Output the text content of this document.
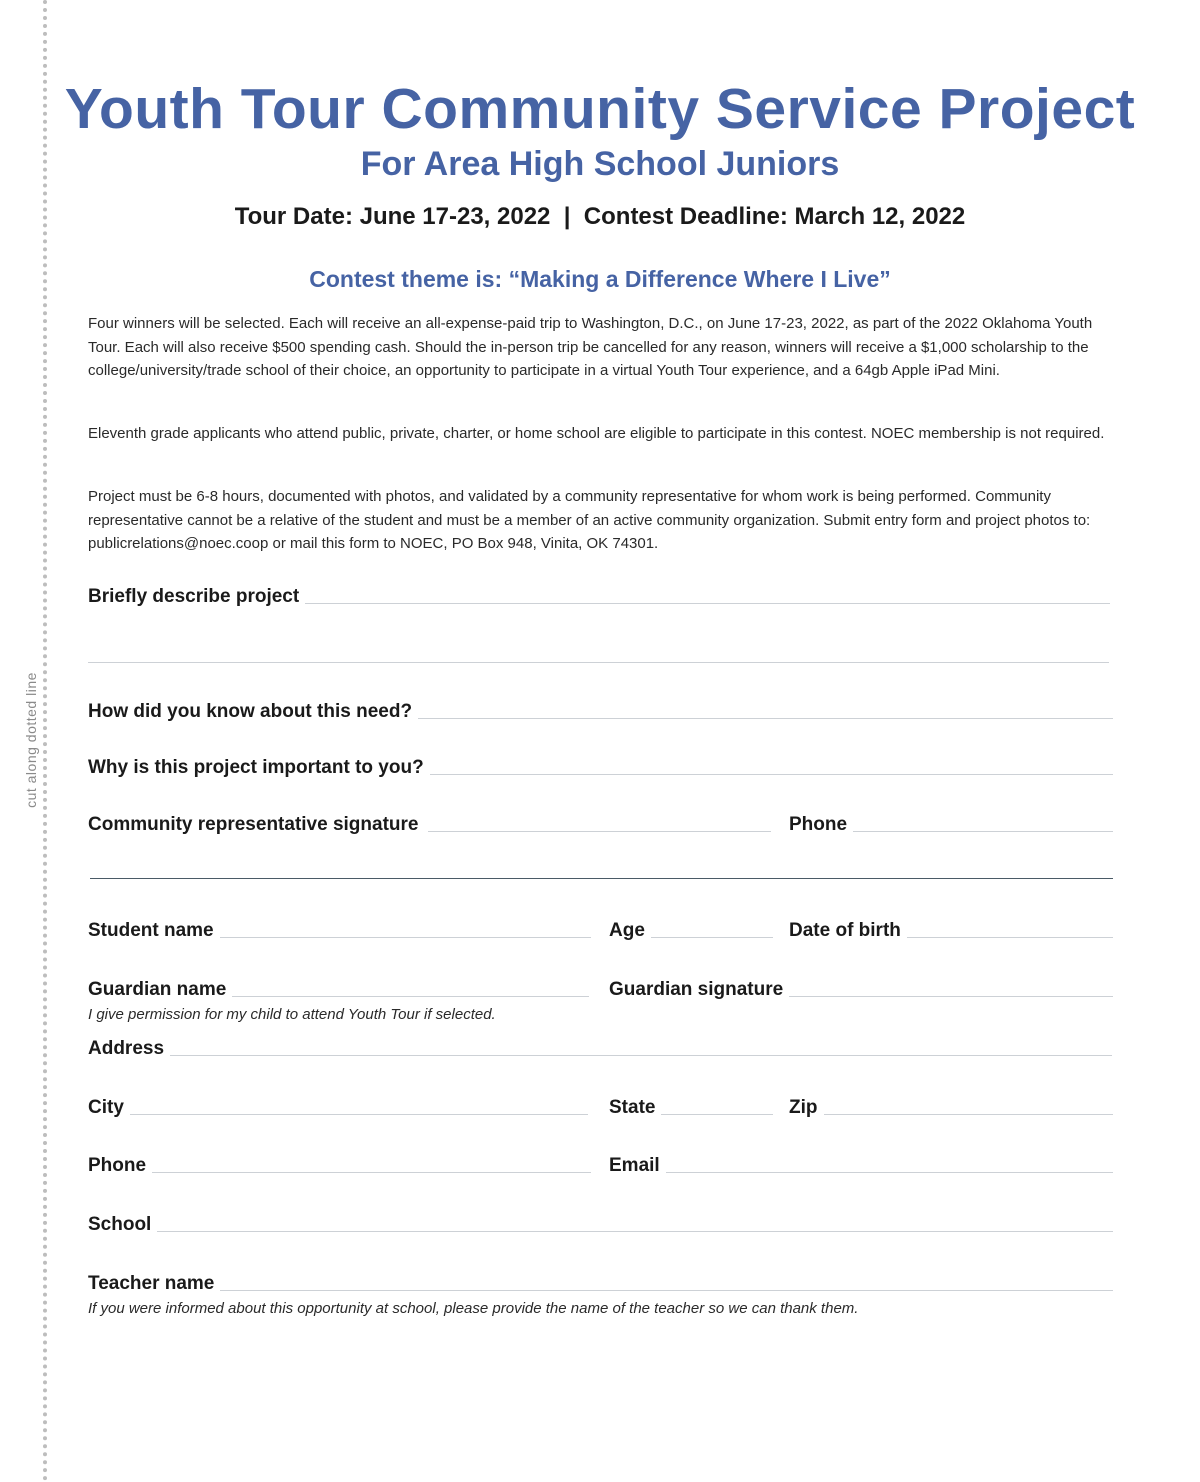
cut along dotted line
Youth Tour Community Service Project
For Area High School Juniors
Tour Date: June 17-23, 2022  |  Contest Deadline: March 12, 2022
Contest theme is: “Making a Difference Where I Live”
Four winners will be selected. Each will receive an all-expense-paid trip to Washington, D.C., on June 17-23, 2022, as part of the 2022 Oklahoma Youth Tour. Each will also receive $500 spending cash. Should the in-person trip be cancelled for any reason, winners will receive a $1,000 scholarship to the college/university/trade school of their choice, an opportunity to participate in a virtual Youth Tour experience, and a 64gb Apple iPad Mini.
Eleventh grade applicants who attend public, private, charter, or home school are eligible to participate in this contest. NOEC membership is not required.
Project must be 6-8 hours, documented with photos, and validated by a community representative for whom work is being performed. Community representative cannot be a relative of the student and must be a member of an active community organization. Submit entry form and project photos to: publicrelations@noec.coop or mail this form to NOEC, PO Box 948, Vinita, OK 74301.
Briefly describe project
How did you know about this need?
Why is this project important to you?
Community representative signature	Phone
Student name	Age	Date of birth
Guardian name	Guardian signature
I give permission for my child to attend Youth Tour if selected.
Address
City	State	Zip
Phone	Email
School
Teacher name
If you were informed about this opportunity at school, please provide the name of the teacher so we can thank them.
